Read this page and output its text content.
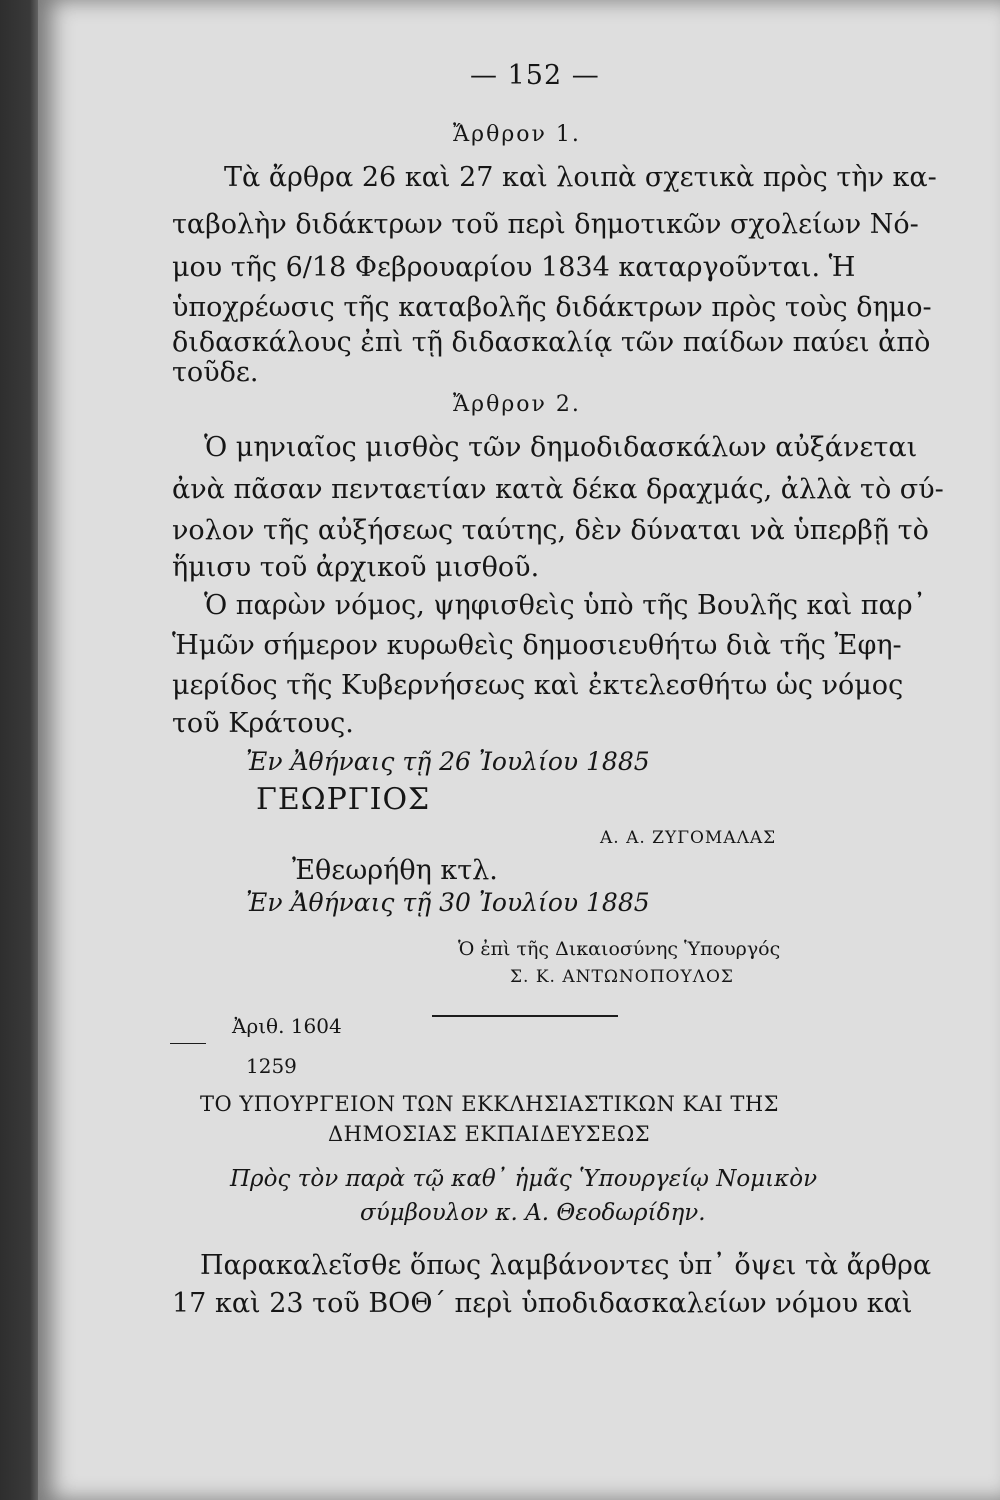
— 152 —
Ἄρθρον 1.
Τὰ ἄρθρα 26 καὶ 27 καὶ λοιπὰ σχετικὰ πρὸς τὴν κα-
ταβολὴν διδάκτρων τοῦ περὶ δημοτικῶν σχολείων Νό-
μου τῆς 6/18 Φεβρουαρίου 1834 καταργοῦνται. Ἡ
ὑποχρέωσις τῆς καταβολῆς διδάκτρων πρὸς τοὺς δημο-
διδασκάλους ἐπὶ τῇ διδασκαλίᾳ τῶν παίδων παύει ἀπὸ
τοῦδε.
Ἄρθρον 2.
Ὁ μηνιαῖος μισθὸς τῶν δημοδιδασκάλων αὐξάνεται
ἀνὰ πᾶσαν πενταετίαν κατὰ δέκα δραχμάς, ἀλλὰ τὸ σύ-
νολον τῆς αὐξήσεως ταύτης, δὲν δύναται νὰ ὑπερβῇ τὸ
ἥμισυ τοῦ ἀρχικοῦ μισθοῦ.
Ὁ παρὼν νόμος, ψηφισθεὶς ὑπὸ τῆς Βουλῆς καὶ παρ᾽
Ἡμῶν σήμερον κυρωθεὶς δημοσιευθήτω διὰ τῆς Ἐφη-
μερίδος τῆς Κυβερνήσεως καὶ ἐκτελεσθήτω ὡς νόμος
τοῦ Κράτους.
Ἐν Ἀθήναις τῇ 26 Ἰουλίου 1885
ΓΕΩΡΓΙΟΣ
Α. Α. ΖΥΓΟΜΑΛΑΣ
Ἐθεωρήθη κτλ.
Ἐν Ἀθήναις τῇ 30 Ἰουλίου 1885
Ὁ ἐπὶ τῆς Δικαιοσύνης Ὑπουργός
Σ. Κ. ΑΝΤΩΝΟΠΟΥΛΟΣ
Ἀριθ. 1604
1259
ΤΟ ΥΠΟΥΡΓΕΙΟΝ ΤΩΝ ΕΚΚΛΗΣΙΑΣΤΙΚΩΝ ΚΑΙ ΤΗΣ
ΔΗΜΟΣΙΑΣ ΕΚΠΑΙΔΕΥΣΕΩΣ
Πρὸς τὸν παρὰ τῷ καθ᾽ ἡμᾶς Ὑπουργείῳ Νομικὸν
σύμβουλον κ. Α. Θεοδωρίδην.
Παρακαλεῖσθε ὅπως λαμβάνοντες ὑπ᾽ ὄψει τὰ ἄρθρα
17 καὶ 23 τοῦ ΒΟΘ΄ περὶ ὑποδιδασκαλείων νόμου καὶ
